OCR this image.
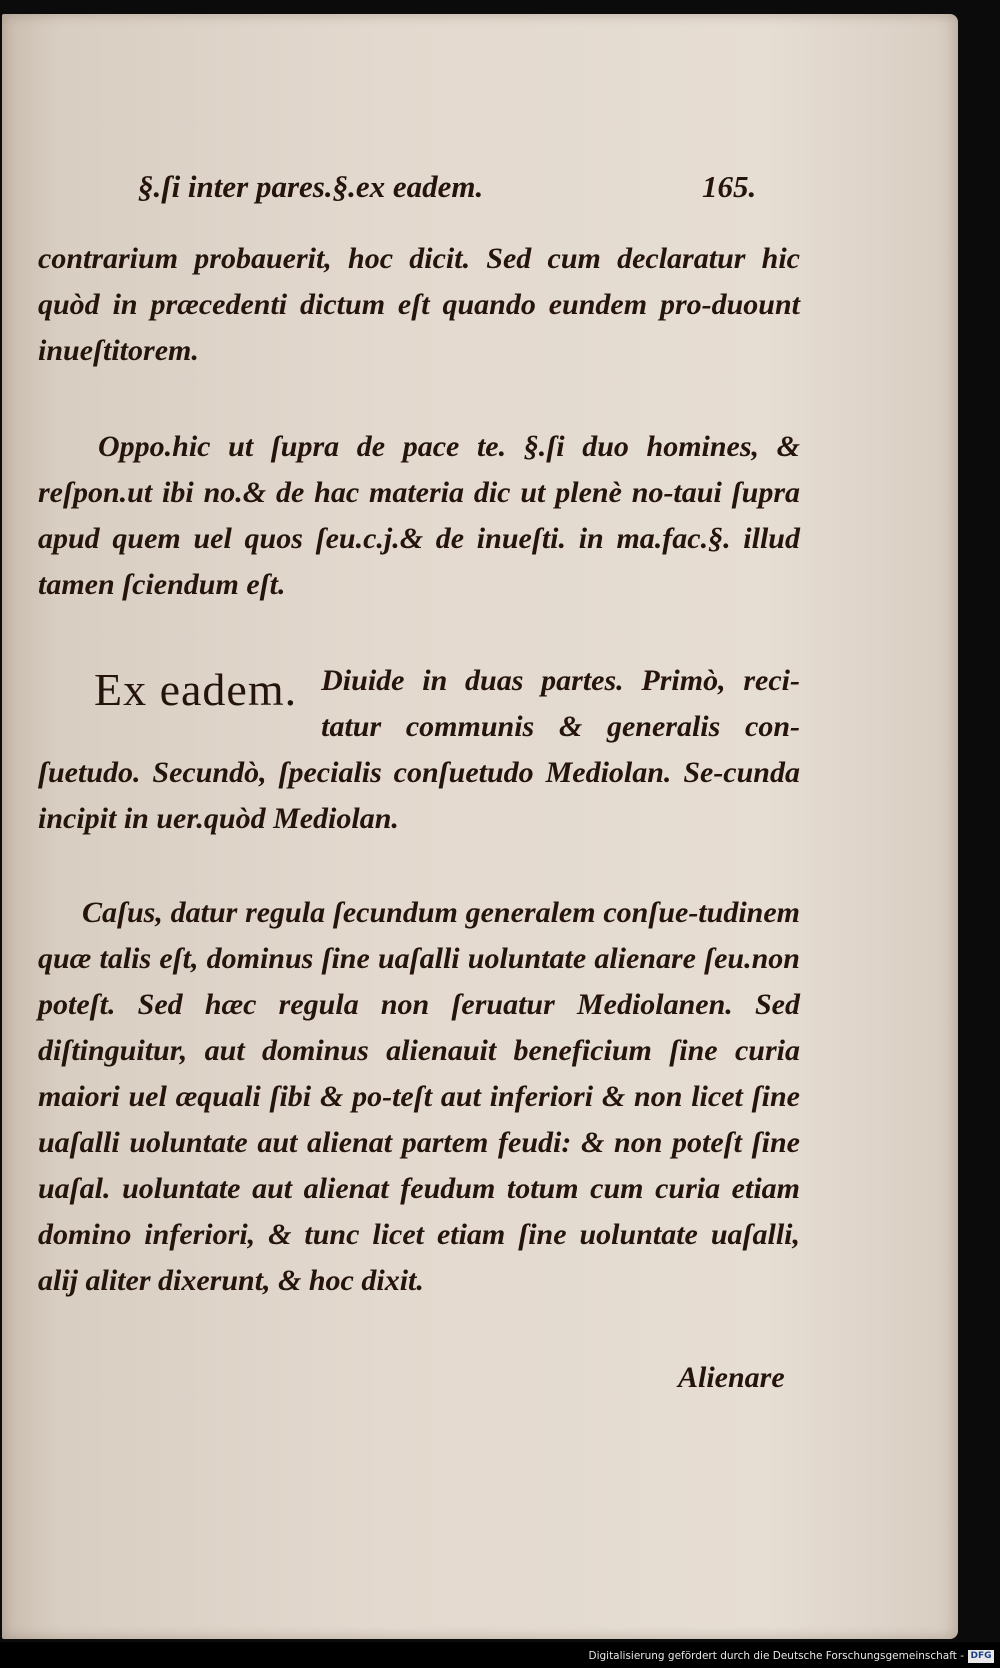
§.ſi inter pares.§.ex eadem.	165.

contrarium probauerit, hoc dicit. Sed cum declaratur hic quòd in præcedenti dictum eſt quando eundem pro-duount inueſtitorem.

Oppo.hic ut ſupra de pace te. §.ſi duo homines, & reſpon.ut ibi no.& de hac materia dic ut plenè no-taui ſupra apud quem uel quos ſeu.c.j.& de inueſti. in ma.fac.§. illud tamen ſciendum eſt.

Ex eadem. Diuide in duas partes. Primò, reci-tatur communis & generalis con-ſuetudo. Secundò, ſpecialis conſuetudo Mediolan. Se-cunda incipit in uer.quòd Mediolan.

Caſus, datur regula ſecundum generalem conſue-tudinem quæ talis eſt, dominus ſine uaſalli uoluntate alienare ſeu.non poteſt. Sed hæc regula non ſeruatur Mediolanen. Sed diſtinguitur, aut dominus alienauit beneficium ſine curia maiori uel æquali ſibi & po-teſt aut inferiori & non licet ſine uaſalli uoluntate aut alienat partem feudi: & non poteſt ſine uaſal. uoluntate aut alienat feudum totum cum curia etiam domino inferiori, & tunc licet etiam ſine uoluntate uaſalli, alij aliter dixerunt, & hoc dixit.

Alienare
Digitalisierung gefördert durch die Deutsche Forschungsgemeinschaft - DFG
